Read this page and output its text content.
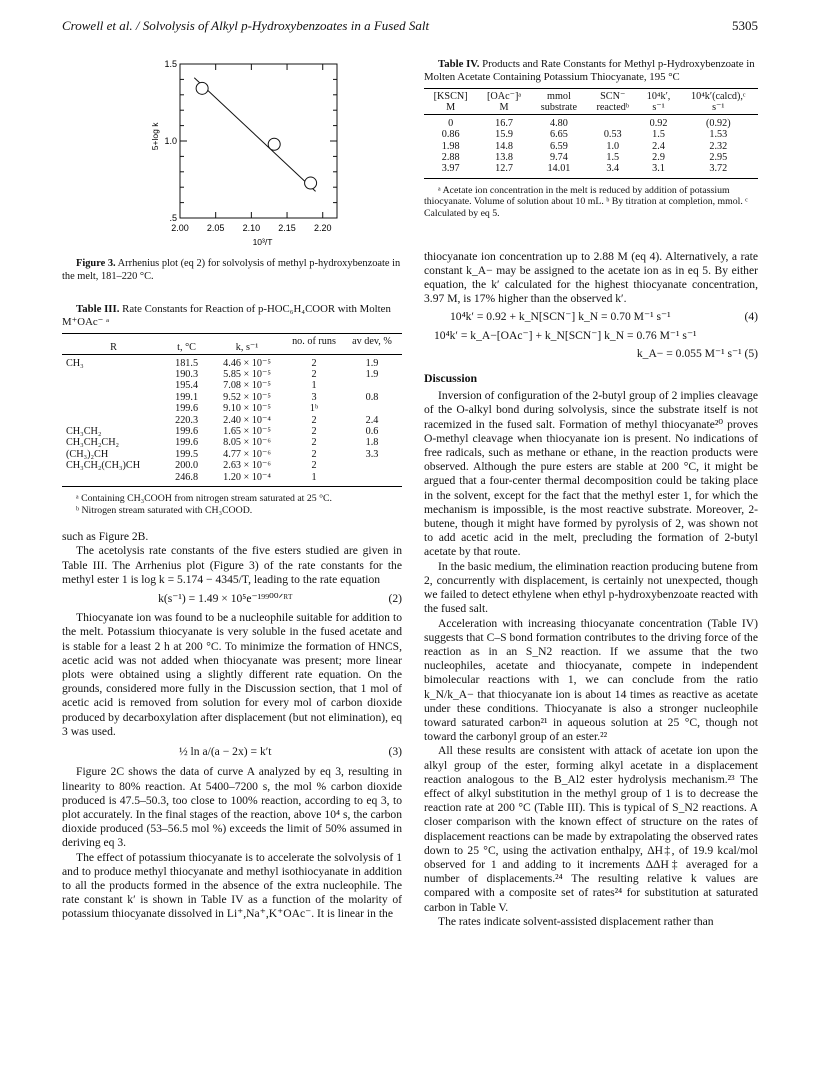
Crowell et al. / Solvolysis of Alkyl p-Hydroxybenzoates in a Fused Salt	5305
2.00 2.05 2.10 2.15 2.20
.5
1.0
1.5
10³/T
5+log k

Figure 3. Arrhenius plot (eq 2) for solvolysis of methyl p-hydroxybenzoate in the melt, 181–220 °C.

Table III. Rate Constants for Reaction of p-HOC₆H₄COOR with Molten M⁺OAc⁻ ᵃ

R	t, °C	k, s⁻¹	no. of runs	av dev, %
CH₃	181.5	4.46 × 10⁻⁵	2	1.9
	190.3	5.85 × 10⁻⁵	2	1.9
	195.4	7.08 × 10⁻⁵	1	
	199.1	9.52 × 10⁻⁵	3	0.8
	199.6	9.10 × 10⁻⁵	1ᵇ	
	220.3	2.40 × 10⁻⁴	2	2.4
CH₃CH₂	199.6	1.65 × 10⁻⁵	2	0.6
CH₃CH₂CH₂	199.6	8.05 × 10⁻⁶	2	1.8
(CH₃)₂CH	199.5	4.77 × 10⁻⁶	2	3.3
CH₃CH₂(CH₃)CH	200.0	2.63 × 10⁻⁶	2	
	246.8	1.20 × 10⁻⁴	1	

ᵃ Containing CH₃COOH from nitrogen stream saturated at 25 °C.

ᵇ Nitrogen stream saturated with CH₃COOD.

such as Figure 2B.

The acetolysis rate constants of the five esters studied are given in Table III. The Arrhenius plot (Figure 3) of the rate constants for the methyl ester 1 is log k = 5.174 − 4345/T, leading to the rate equation

k(s⁻¹) = 1.49 × 10⁵e⁻¹⁹⁹⁰⁰ᐟᴿᵀ	(2)

Thiocyanate ion was found to be a nucleophile suitable for addition to the melt. Potassium thiocyanate is very soluble in the fused acetate and is stable for a least 2 h at 200 °C. To minimize the formation of HNCS, acetic acid was not added when thiocyanate was present; more linear plots were obtained using a slightly different rate equation. On the grounds, considered more fully in the Discussion section, that 1 mol of acetic acid is removed from solution for every mol of carbon dioxide produced by decarboxylation after displacement (but not elimination), eq 3 was used.

½ ln a/(a − 2x) = k′t	(3)

Figure 2C shows the data of curve A analyzed by eq 3, resulting in linearity to 80% reaction. At 5400–7200 s, the mol % carbon dioxide produced is 47.5–50.3, too close to 100% reaction, according to eq 3, to plot accurately. In the final stages of the reaction, above 10⁴ s, the carbon dioxide produced (53–56.5 mol %) exceeds the limit of 50% assumed in deriving eq 3.

The effect of potassium thiocyanate is to accelerate the solvolysis of 1 and to produce methyl thiocyanate and methyl isothiocyanate in addition to all the products formed in the absence of the extra nucleophile. The rate constant k′ is shown in Table IV as a function of the molarity of potassium thiocyanate dissolved in Li⁺,Na⁺,K⁺OAc⁻. It is linear in the

Table IV. Products and Rate Constants for Methyl p-Hydroxybenzoate in Molten Acetate Containing Potassium Thiocyanate, 195 °C

[KSCN]	[OAc⁻]ᵃ	mmol	SCN⁻	10⁴k′,	10⁴k′(calcd),ᶜ
M	M	substrate	reactedᵇ	s⁻¹	s⁻¹
0	16.7	4.80		0.92	(0.92)
0.86	15.9	6.65	0.53	1.5	1.53
1.98	14.8	6.59	1.0	2.4	2.32
2.88	13.8	9.74	1.5	2.9	2.95
3.97	12.7	14.01	3.4	3.1	3.72

ᵃ Acetate ion concentration in the melt is reduced by addition of potassium thiocyanate. Volume of solution about 10 mL. ᵇ By titration at completion, mmol. ᶜ Calculated by eq 5.

thiocyanate ion concentration up to 2.88 M (eq 4). Alternatively, a rate constant k_A− may be assigned to the acetate ion as in eq 5. By either equation, the k′ calculated for the highest thiocyanate concentration, 3.97 M, is 17% higher than the observed k′.

10⁴k′ = 0.92 + k_N[SCN⁻] k_N = 0.70 M⁻¹ s⁻¹	(4)
10⁴k′ = k_A−[OAc⁻] + k_N[SCN⁻] k_N = 0.76 M⁻¹ s⁻¹
k_A− = 0.055 M⁻¹ s⁻¹ (5)
Discussion

Inversion of configuration of the 2-butyl group of 2 implies cleavage of the O-alkyl bond during solvolysis, since the substrate itself is not racemized in the fused salt. Formation of methyl thiocyanate²⁰ proves O-methyl cleavage when thiocyanate ion is present. No indications of free radicals, such as methane or ethane, in the reaction products were observed. Although the pure esters are stable at 200 °C, it might be argued that a four-center thermal decomposition could be taking place in the solvent, except for the fact that the methyl ester 1, for which the mechanism is impossible, is the most reactive substrate. Moreover, 2-butene, though it might have formed by pyrolysis of 2, was shown not to add acetic acid in the melt, precluding the formation of 2-butyl acetate by that route.

In the basic medium, the elimination reaction producing butene from 2, concurrently with displacement, is certainly not unexpected, though we failed to detect ethylene when ethyl p-hydroxybenzoate reacted with the fused salt.

Acceleration with increasing thiocyanate concentration (Table IV) suggests that C–S bond formation contributes to the driving force of the reaction as in an S_N2 reaction. If we assume that the two nucleophiles, acetate and thiocyanate, compete in independent bimolecular reactions with 1, we can conclude from the ratio k_N/k_A− that thiocyanate ion is about 14 times as reactive as acetate under these conditions. Thiocyanate is also a stronger nucleophile toward saturated carbon²¹ in aqueous solution at 25 °C, though not toward the carbonyl group of an ester.²²

All these results are consistent with attack of acetate ion upon the alkyl group of the ester, forming alkyl acetate in a displacement reaction analogous to the B_Al2 ester hydrolysis mechanism.²³ The effect of alkyl substitution in the methyl group of 1 is to decrease the reaction rate at 200 °C (Table III). This is typical of S_N2 reactions. A closer comparison with the known effect of structure on the rates of displacement reactions can be made by extrapolating the observed rates down to 25 °C, using the activation enthalpy, ΔH‡, of 19.9 kcal/mol observed for 1 and adding to it increments ΔΔH‡ averaged for a number of displacements.²⁴ The resulting relative k values are compared with a composite set of rates²⁴ for substitution at saturated carbon in Table V.

The rates indicate solvent-assisted displacement rather than
